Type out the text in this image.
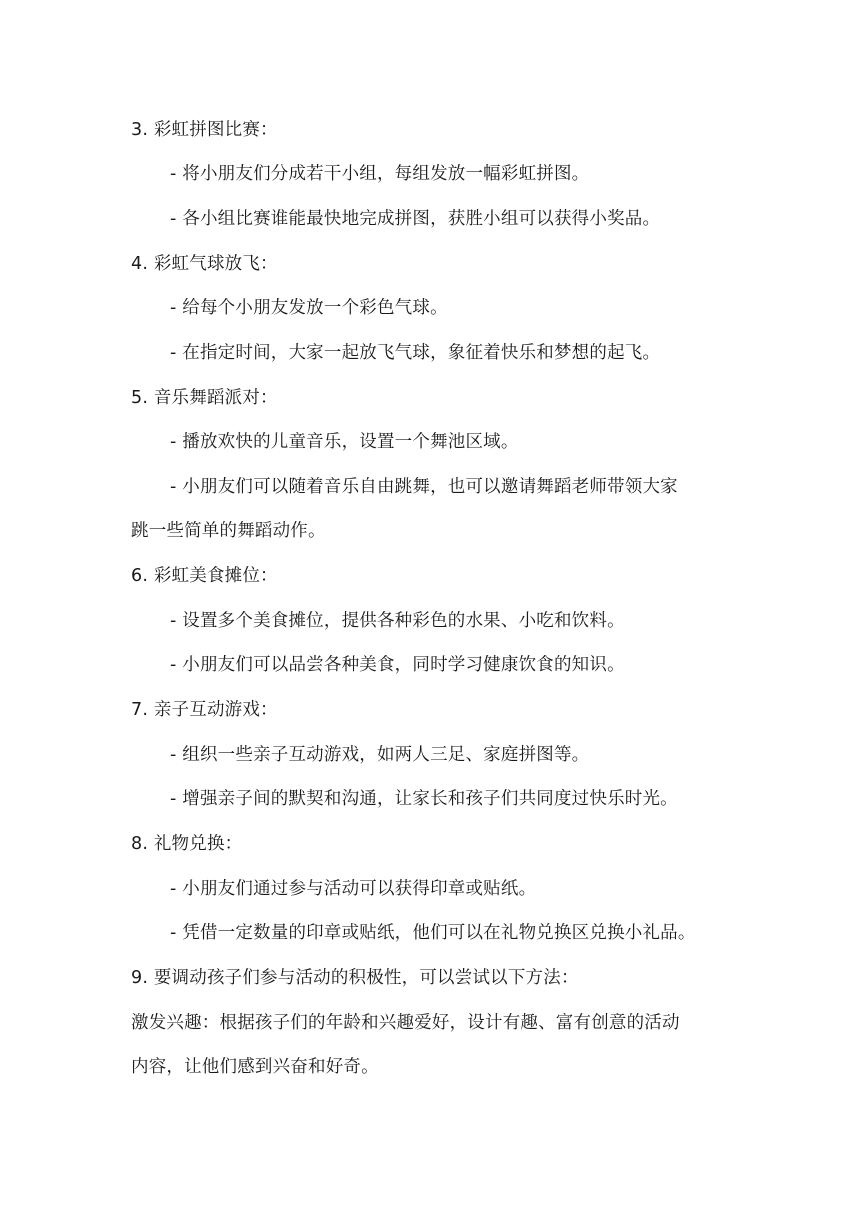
3. 彩虹拼图比赛：
- 将小朋友们分成若干小组，每组发放一幅彩虹拼图。
- 各小组比赛谁能最快地完成拼图，获胜小组可以获得小奖品。
4. 彩虹气球放飞：
- 给每个小朋友发放一个彩色气球。
- 在指定时间，大家一起放飞气球，象征着快乐和梦想的起飞。
5. 音乐舞蹈派对：
- 播放欢快的儿童音乐，设置一个舞池区域。
- 小朋友们可以随着音乐自由跳舞，也可以邀请舞蹈老师带领大家
跳一些简单的舞蹈动作。
6. 彩虹美食摊位：
- 设置多个美食摊位，提供各种彩色的水果、小吃和饮料。
- 小朋友们可以品尝各种美食，同时学习健康饮食的知识。
7. 亲子互动游戏：
- 组织一些亲子互动游戏，如两人三足、家庭拼图等。
- 增强亲子间的默契和沟通，让家长和孩子们共同度过快乐时光。
8. 礼物兑换：
- 小朋友们通过参与活动可以获得印章或贴纸。
- 凭借一定数量的印章或贴纸，他们可以在礼物兑换区兑换小礼品。
9. 要调动孩子们参与活动的积极性，可以尝试以下方法：
激发兴趣：根据孩子们的年龄和兴趣爱好，设计有趣、富有创意的活动
内容，让他们感到兴奋和好奇。
